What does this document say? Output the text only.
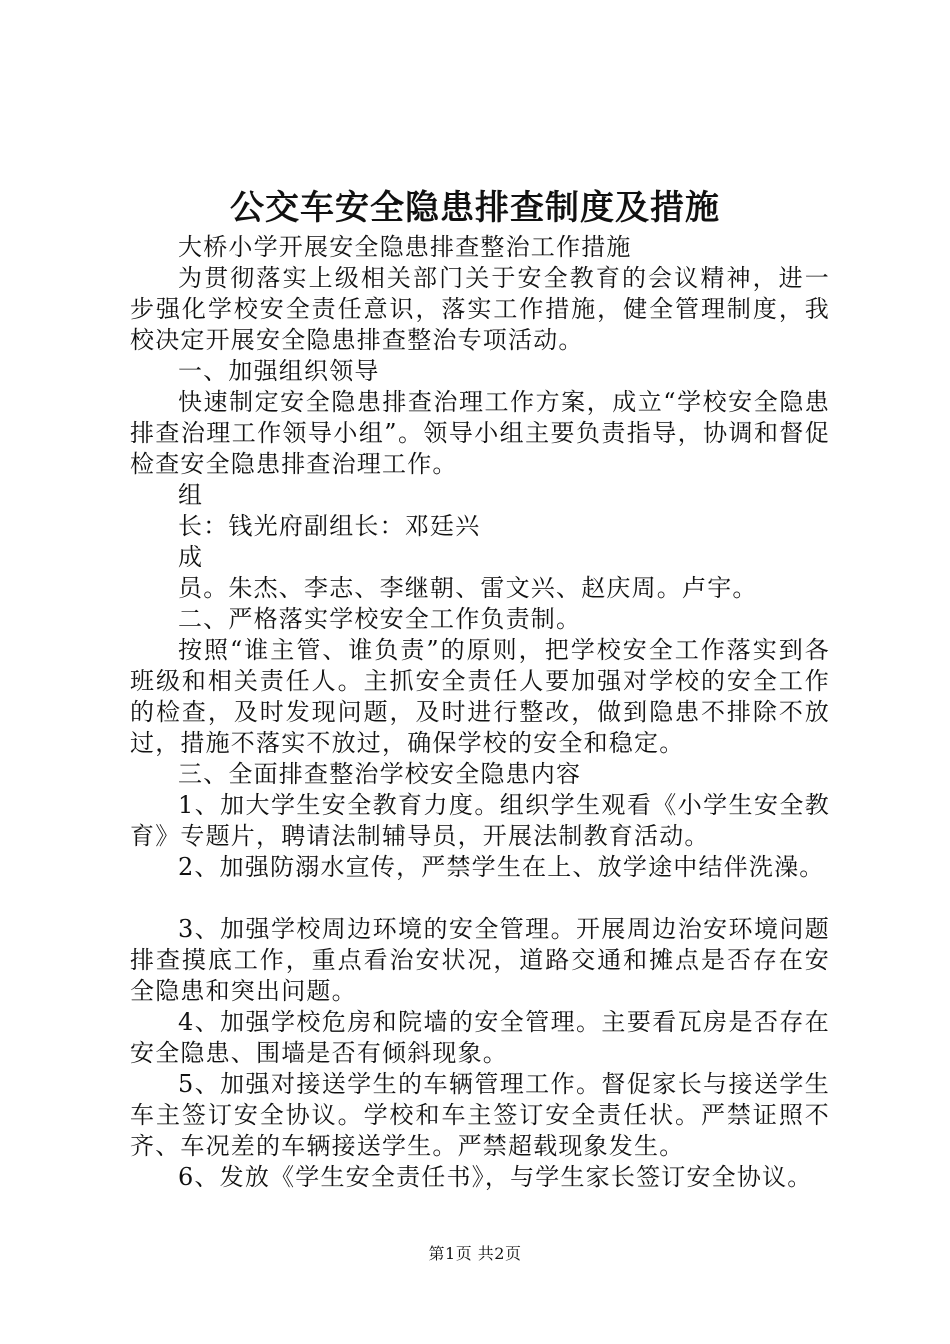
公交车安全隐患排查制度及措施

大桥小学开展安全隐患排查整治工作措施

为贯彻落实上级相关部门关于安全教育的会议精神，进一步强化学校安全责任意识，落实工作措施，健全管理制度，我校决定开展安全隐患排查整治专项活动。

一、加强组织领导

快速制定安全隐患排查治理工作方案，成立“学校安全隐患排查治理工作领导小组”。领导小组主要负责指导，协调和督促检查安全隐患排查治理工作。

组

长：钱光府副组长：邓廷兴

成

员。朱杰、李志、李继朝、雷文兴、赵庆周。卢宇。

二、严格落实学校安全工作负责制。

按照“谁主管、谁负责”的原则，把学校安全工作落实到各班级和相关责任人。主抓安全责任人要加强对学校的安全工作的检查，及时发现问题，及时进行整改，做到隐患不排除不放过，措施不落实不放过，确保学校的安全和稳定。

三、全面排查整治学校安全隐患内容

1、加大学生安全教育力度。组织学生观看《小学生安全教育》专题片，聘请法制辅导员，开展法制教育活动。

2、加强防溺水宣传，严禁学生在上、放学途中结伴洗澡。

3、加强学校周边环境的安全管理。开展周边治安环境问题排查摸底工作，重点看治安状况，道路交通和摊点是否存在安全隐患和突出问题。

4、加强学校危房和院墙的安全管理。主要看瓦房是否存在安全隐患、围墙是否有倾斜现象。

5、加强对接送学生的车辆管理工作。督促家长与接送学生车主签订安全协议。学校和车主签订安全责任状。严禁证照不齐、车况差的车辆接送学生。严禁超载现象发生。

6、发放《学生安全责任书》，与学生家长签订安全协议。

第1页 共2页
